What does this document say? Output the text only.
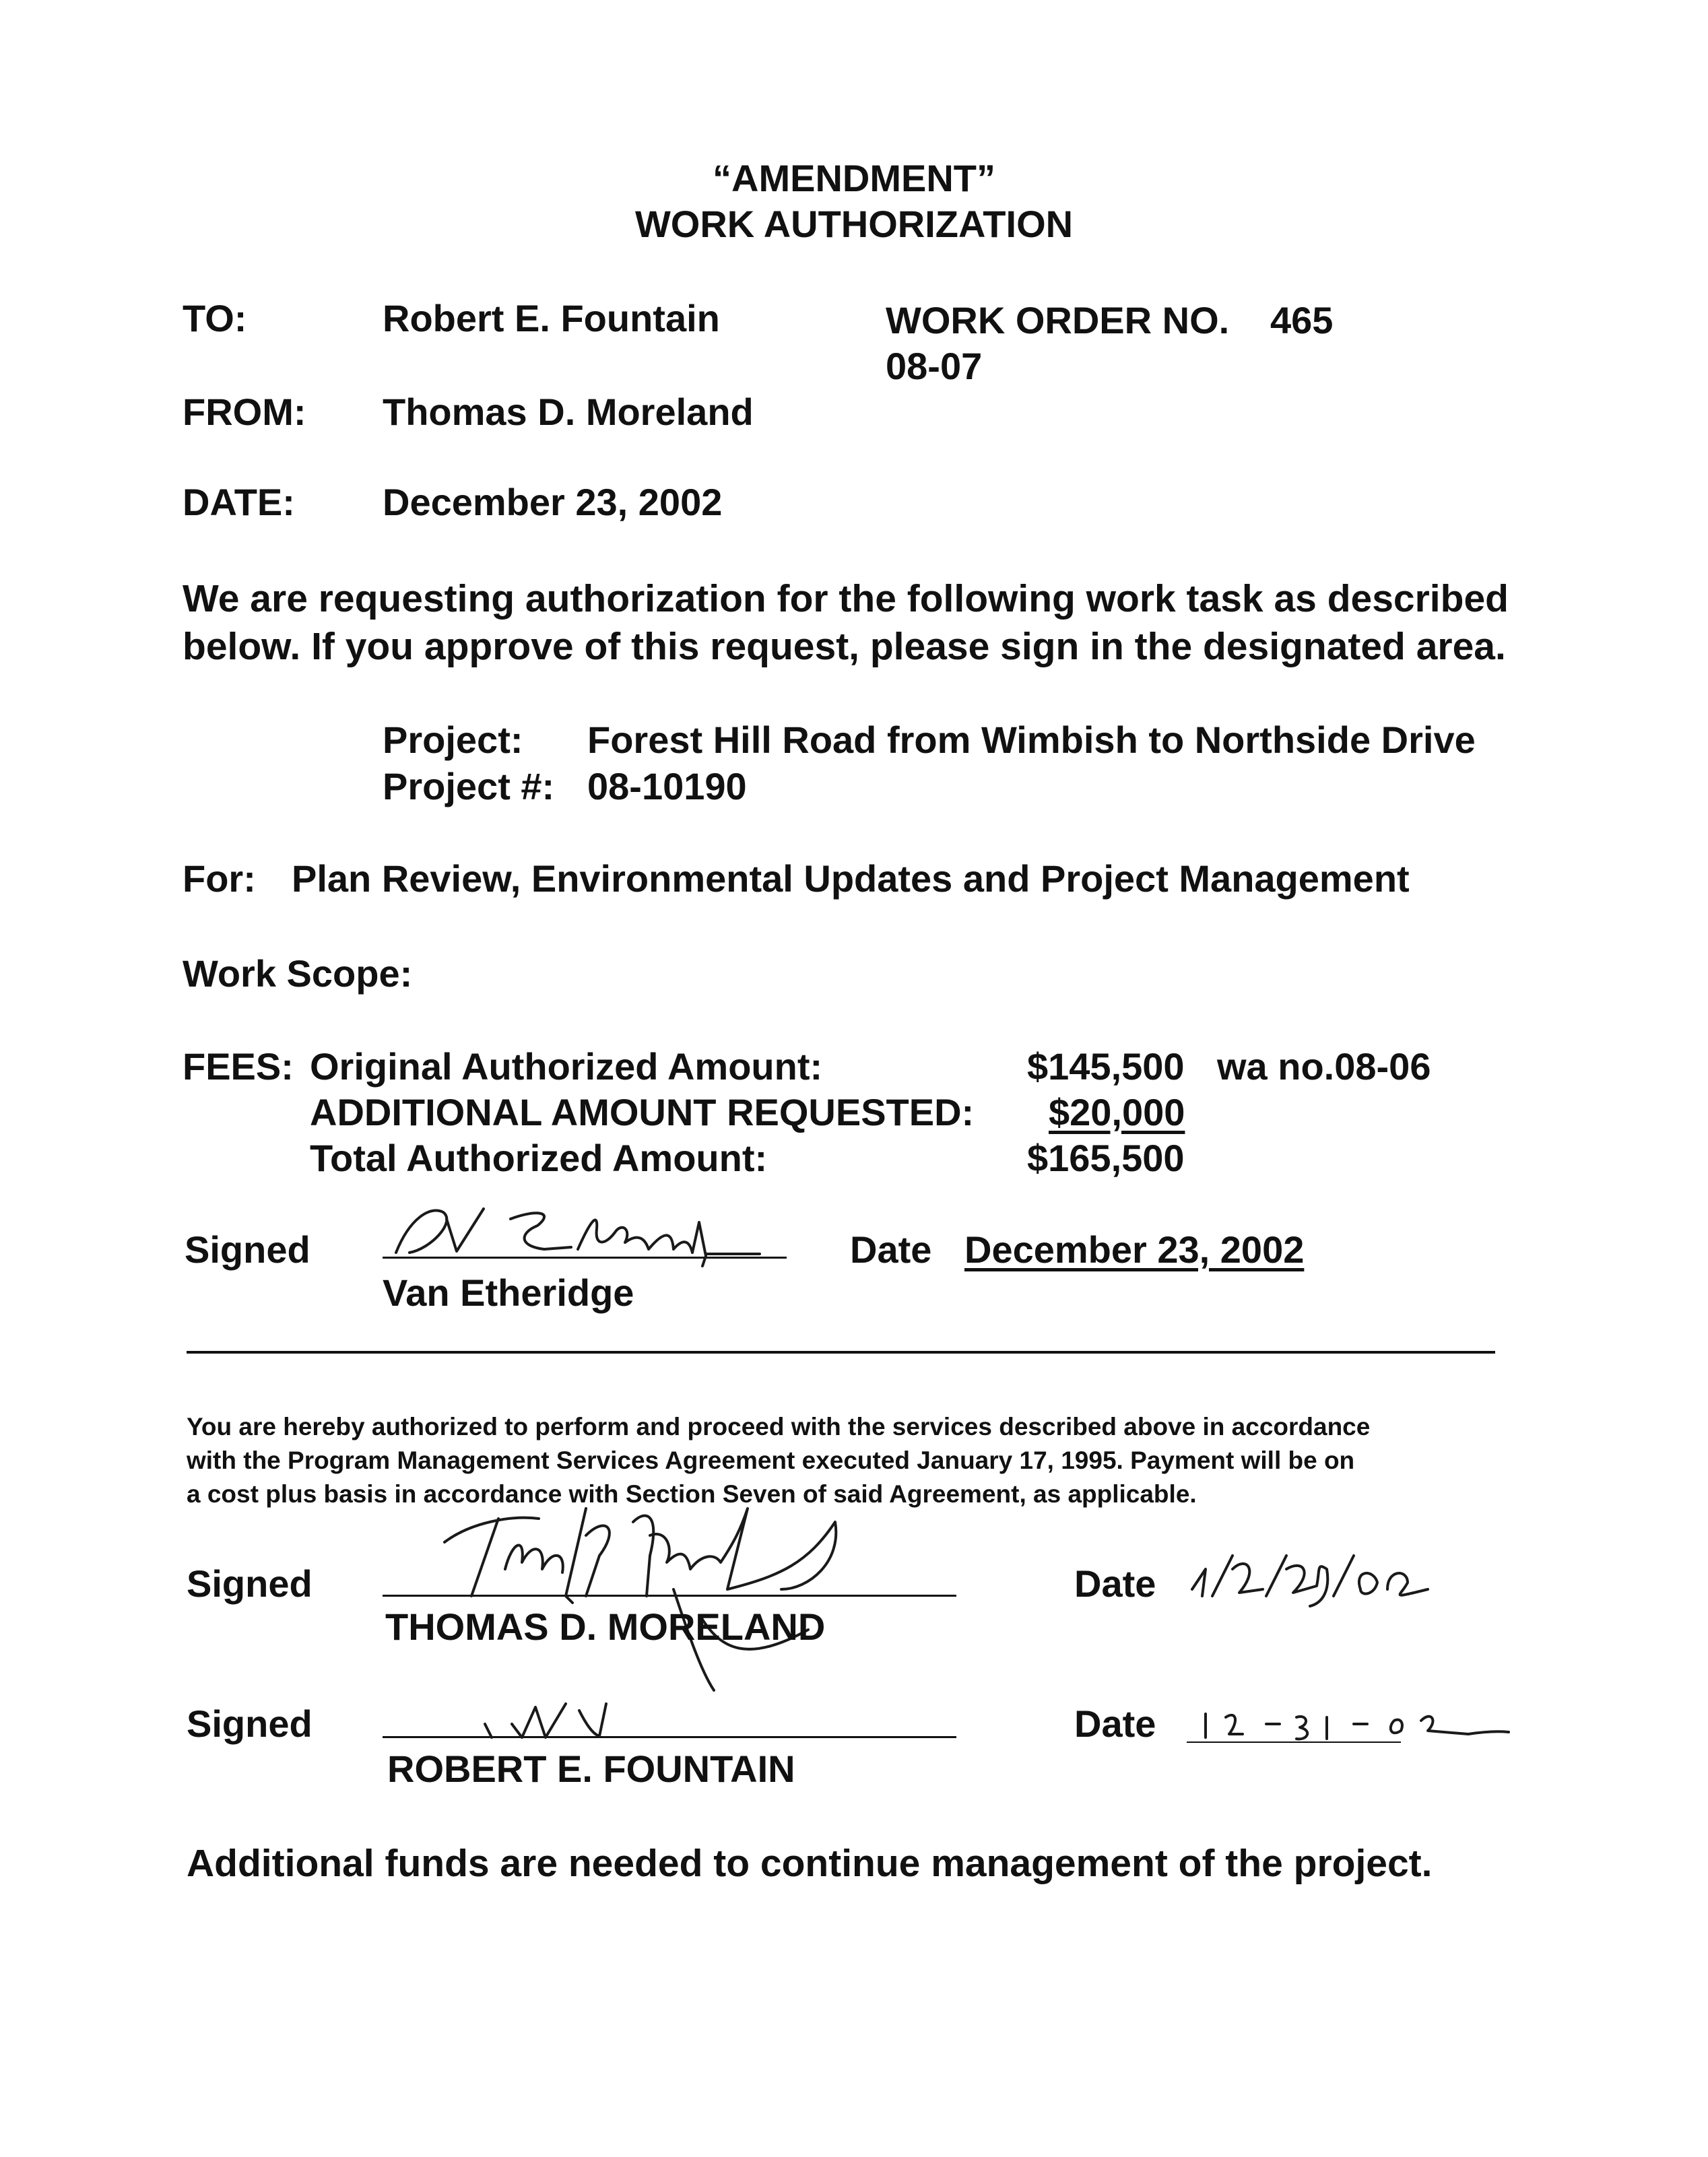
“AMENDMENT”
WORK AUTHORIZATION
TO:	Robert E. Fountain	WORK ORDER NO. 465
08-07
FROM: Thomas D. Moreland
DATE: December 23, 2002
We are requesting authorization for the following work task as described
below. If you approve of this request, please sign in the designated area.
Project: Forest Hill Road from Wimbish to Northside Drive
Project #: 08-10190
For: Plan Review, Environmental Updates and Project Management
Work Scope:
FEES: Original Authorized Amount:	$145,500 wa no.08-06
ADDITIONAL AMOUNT REQUESTED: $20,000
Total Authorized Amount:	$165,500
Signed
Van Etheridge
Date December 23, 2002
You are hereby authorized to perform and proceed with the services described above in accordance
with the Program Management Services Agreement executed January 17, 1995. Payment will be on
a cost plus basis in accordance with Section Seven of said Agreement, as applicable.
Signed
THOMAS D. MORELAND
Date
Signed
ROBERT E. FOUNTAIN
Date
Additional funds are needed to continue management of the project.
